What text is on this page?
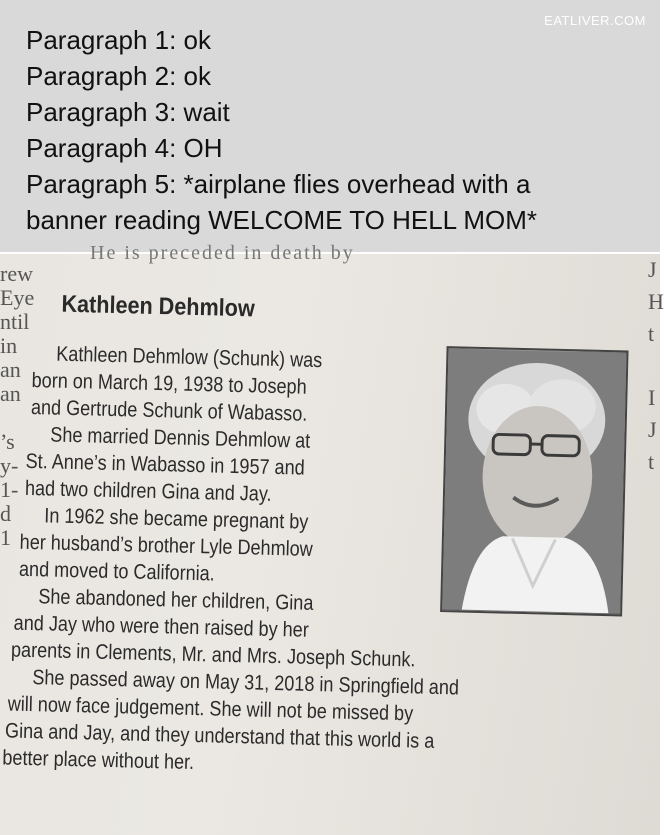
EATLIVER.COM
Paragraph 1: ok
Paragraph 2: ok
Paragraph 3: wait
Paragraph 4: OH
Paragraph 5: *airplane flies overhead with a
banner reading WELCOME TO HELL MOM*
He is preceded in death by
rew
Eye
ntil
in
an
an

’s
y-
1-
d
1
J
H
t

I
J
t
Kathleen Dehmlow
Kathleen Dehmlow (Schunk) was
born on March 19, 1938 to Joseph
and Gertrude Schunk of Wabasso.
She married Dennis Dehmlow at
St. Anne’s in Wabasso in 1957 and
had two children Gina and Jay.
In 1962 she became pregnant by
her husband’s brother Lyle Dehmlow
and moved to California.
She abandoned her children, Gina
and Jay who were then raised by her
parents in Clements, Mr. and Mrs. Joseph Schunk.
She passed away on May 31, 2018 in Springfield and
will now face judgement. She will not be missed by
Gina and Jay, and they understand that this world is a
better place without her.
